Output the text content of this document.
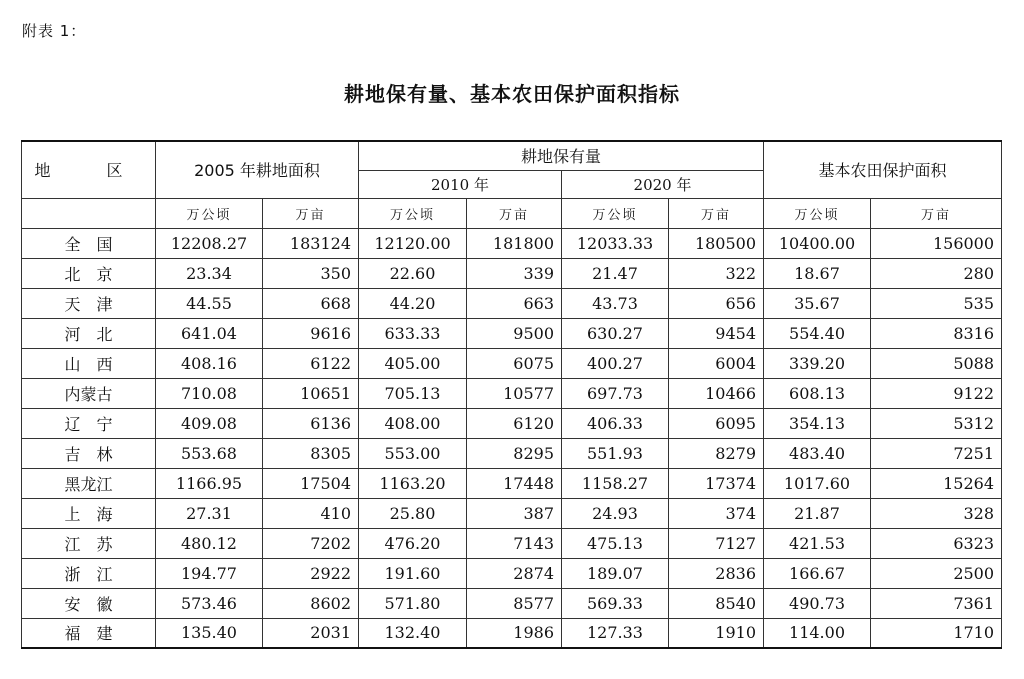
附表 1：
耕地保有量、基本农田保护面积指标
地　区	2005 年耕地面积		耕地保有量				基本农田保护面积	
			2010 年		2020 年			
	万公顷	万亩	万公顷	万亩	万公顷	万亩	万公顷	万亩
全　国	12208.27	183124	12120.00	181800	12033.33	180500	10400.00	156000
北　京	23.34	350	22.60	339	21.47	322	18.67	280
天　津	44.55	668	44.20	663	43.73	656	35.67	535
河　北	641.04	9616	633.33	9500	630.27	9454	554.40	8316
山　西	408.16	6122	405.00	6075	400.27	6004	339.20	5088
内蒙古	710.08	10651	705.13	10577	697.73	10466	608.13	9122
辽　宁	409.08	6136	408.00	6120	406.33	6095	354.13	5312
吉　林	553.68	8305	553.00	8295	551.93	8279	483.40	7251
黑龙江	1166.95	17504	1163.20	17448	1158.27	17374	1017.60	15264
上　海	27.31	410	25.80	387	24.93	374	21.87	328
江　苏	480.12	7202	476.20	7143	475.13	7127	421.53	6323
浙　江	194.77	2922	191.60	2874	189.07	2836	166.67	2500
安　徽	573.46	8602	571.80	8577	569.33	8540	490.73	7361
福　建	135.40	2031	132.40	1986	127.33	1910	114.00	1710
